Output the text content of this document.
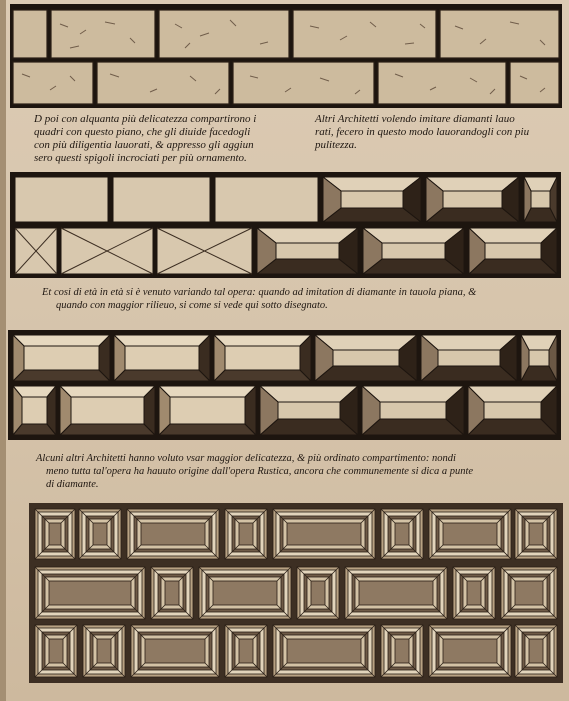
D poi con alquanta più delicatezza compartirono i

quadri con questo piano, che gli diuide facedogli

con più diligentia lauorati, & appresso gli aggiun

sero questi spigoli incrociati per più ornamento.

Altri Architetti volendo imitare diamanti lauo

rati, fecero in questo modo lauorandogli con piu

pulitezza.

Et cosi di età in età si è venuto variando tal opera: quando ad imitation di diamante in tauola piana, &

quando con maggior rilieuo, si come si vede qui sotto disegnato.

Alcuni altri Architetti hanno voluto vsar maggior delicatezza, & più ordinato compartimento: nondi

meno tutta tal'opera ha hauuto origine dall'opera Rustica, ancora che communemente si dica a punte

di diamante.
